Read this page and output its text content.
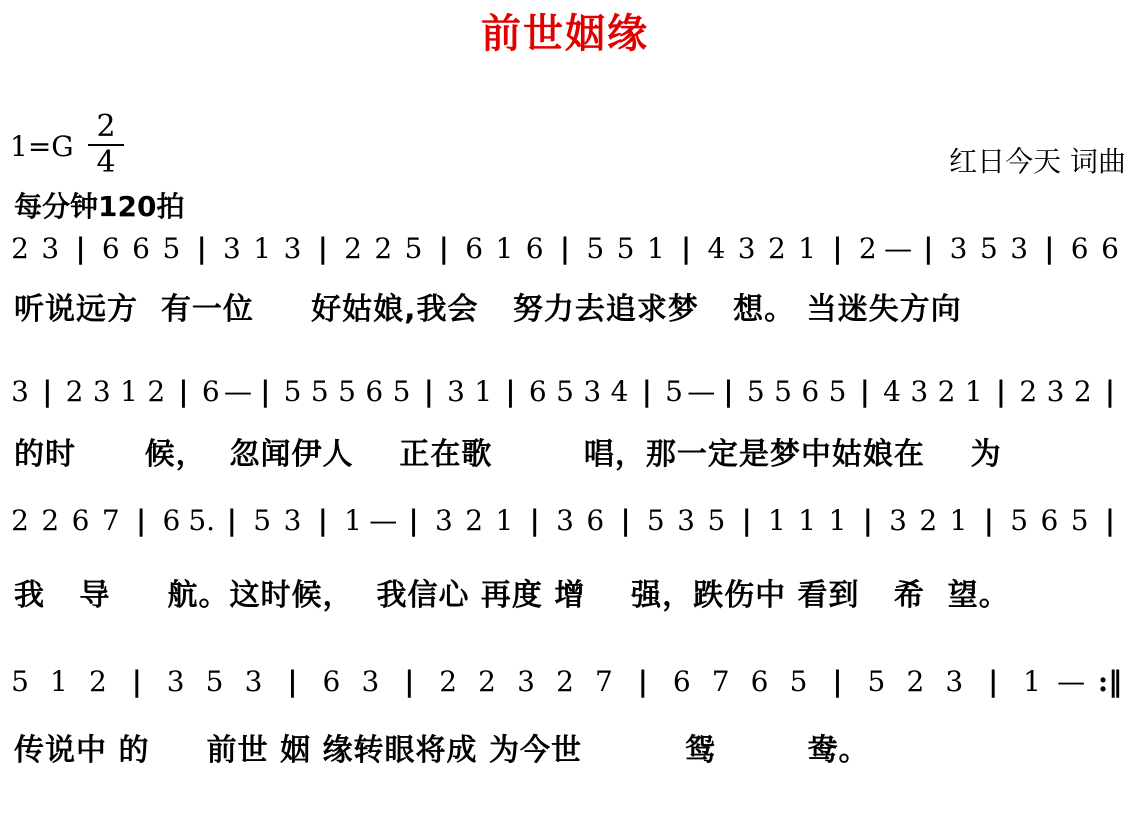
前世姻缘
1=G
2
4	红日今天 词曲
每分钟120拍
2 3 | 6 6 5 | 3 1 3 | 2 2 5 | 6 1 6 | 5 5 1 | 4 3 2 1 | 2 — | 3 5 3 | 6 6
听说远方  有一位     好姑娘,我会   努力去追求梦   想。 当迷失方向
3 | 2 3 1 2 | 6 — | 5 5 5 6 5 | 3 1 | 6 5 3 4 | 5 — | 5 5 6 5 | 4 3 2 1 | 2 3 2 |
的时      候，  忽闻伊人    正在歌        唱，那一定是梦中姑娘在    为
2 2 6 7 | 6 5. | 5 3 | 1 — | 3 2 1 | 3 6 | 5 3 5 | 1 1 1 | 3 2 1 | 5 6 5 |
我   导     航。这时候，  我信心 再度 增    强，跌伤中 看到   希  望。
5 1 2 | 3 5 3 | 6 3 | 2 2 3 2 7 | 6 7 6 5 | 5 2 3 | 1 — :‖
传说中 的     前世 姻 缘转眼将成 为今世         鸳        鸯。
